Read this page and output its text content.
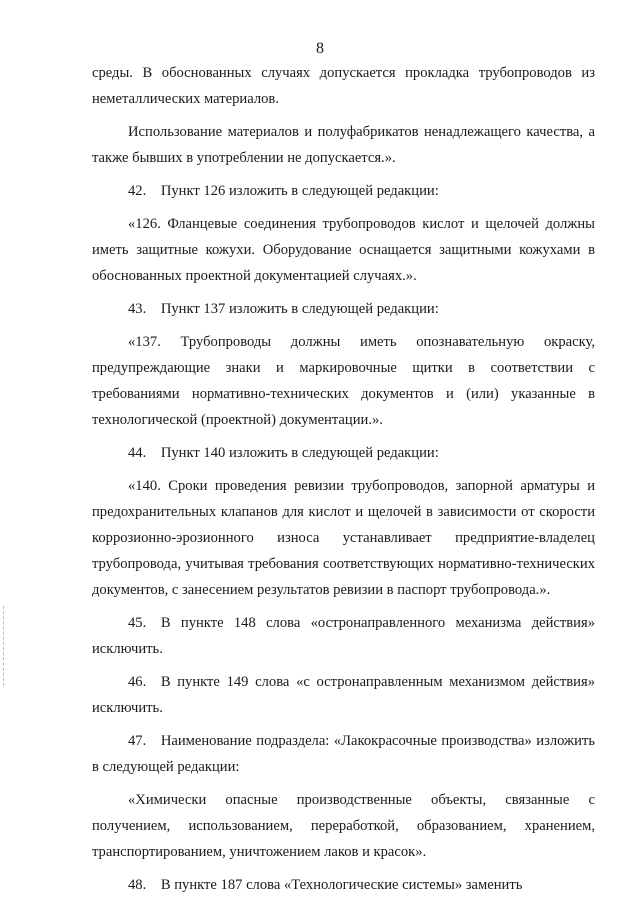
8

среды. В обоснованных случаях допускается прокладка трубопроводов из неметаллических материалов.

Использование материалов и полуфабрикатов ненадлежащего качества, а также бывших в употреблении не допускается.».

42. Пункт 126 изложить в следующей редакции:

«126. Фланцевые соединения трубопроводов кислот и щелочей должны иметь защитные кожухи. Оборудование оснащается защитными кожухами в обоснованных проектной документацией случаях.».

43. Пункт 137 изложить в следующей редакции:

«137. Трубопроводы должны иметь опознавательную окраску, предупреждающие знаки и маркировочные щитки в соответствии с требованиями нормативно-технических документов и (или) указанные в технологической (проектной) документации.».

44. Пункт 140 изложить в следующей редакции:

«140. Сроки проведения ревизии трубопроводов, запорной арматуры и предохранительных клапанов для кислот и щелочей в зависимости от скорости коррозионно-эрозионного износа устанавливает предприятие-владелец трубопровода, учитывая требования соответствующих нормативно-технических документов, с занесением результатов ревизии в паспорт трубопровода.».

45. В пункте 148 слова «остронаправленного механизма действия» исключить.

46. В пункте 149 слова «с остронаправленным механизмом действия» исключить.

47. Наименование подраздела: «Лакокрасочные производства» изложить в следующей редакции:

«Химически опасные производственные объекты, связанные с получением, использованием, переработкой, образованием, хранением, транспортированием, уничтожением лаков и красок».

48. В пункте 187 слова «Технологические системы» заменить
